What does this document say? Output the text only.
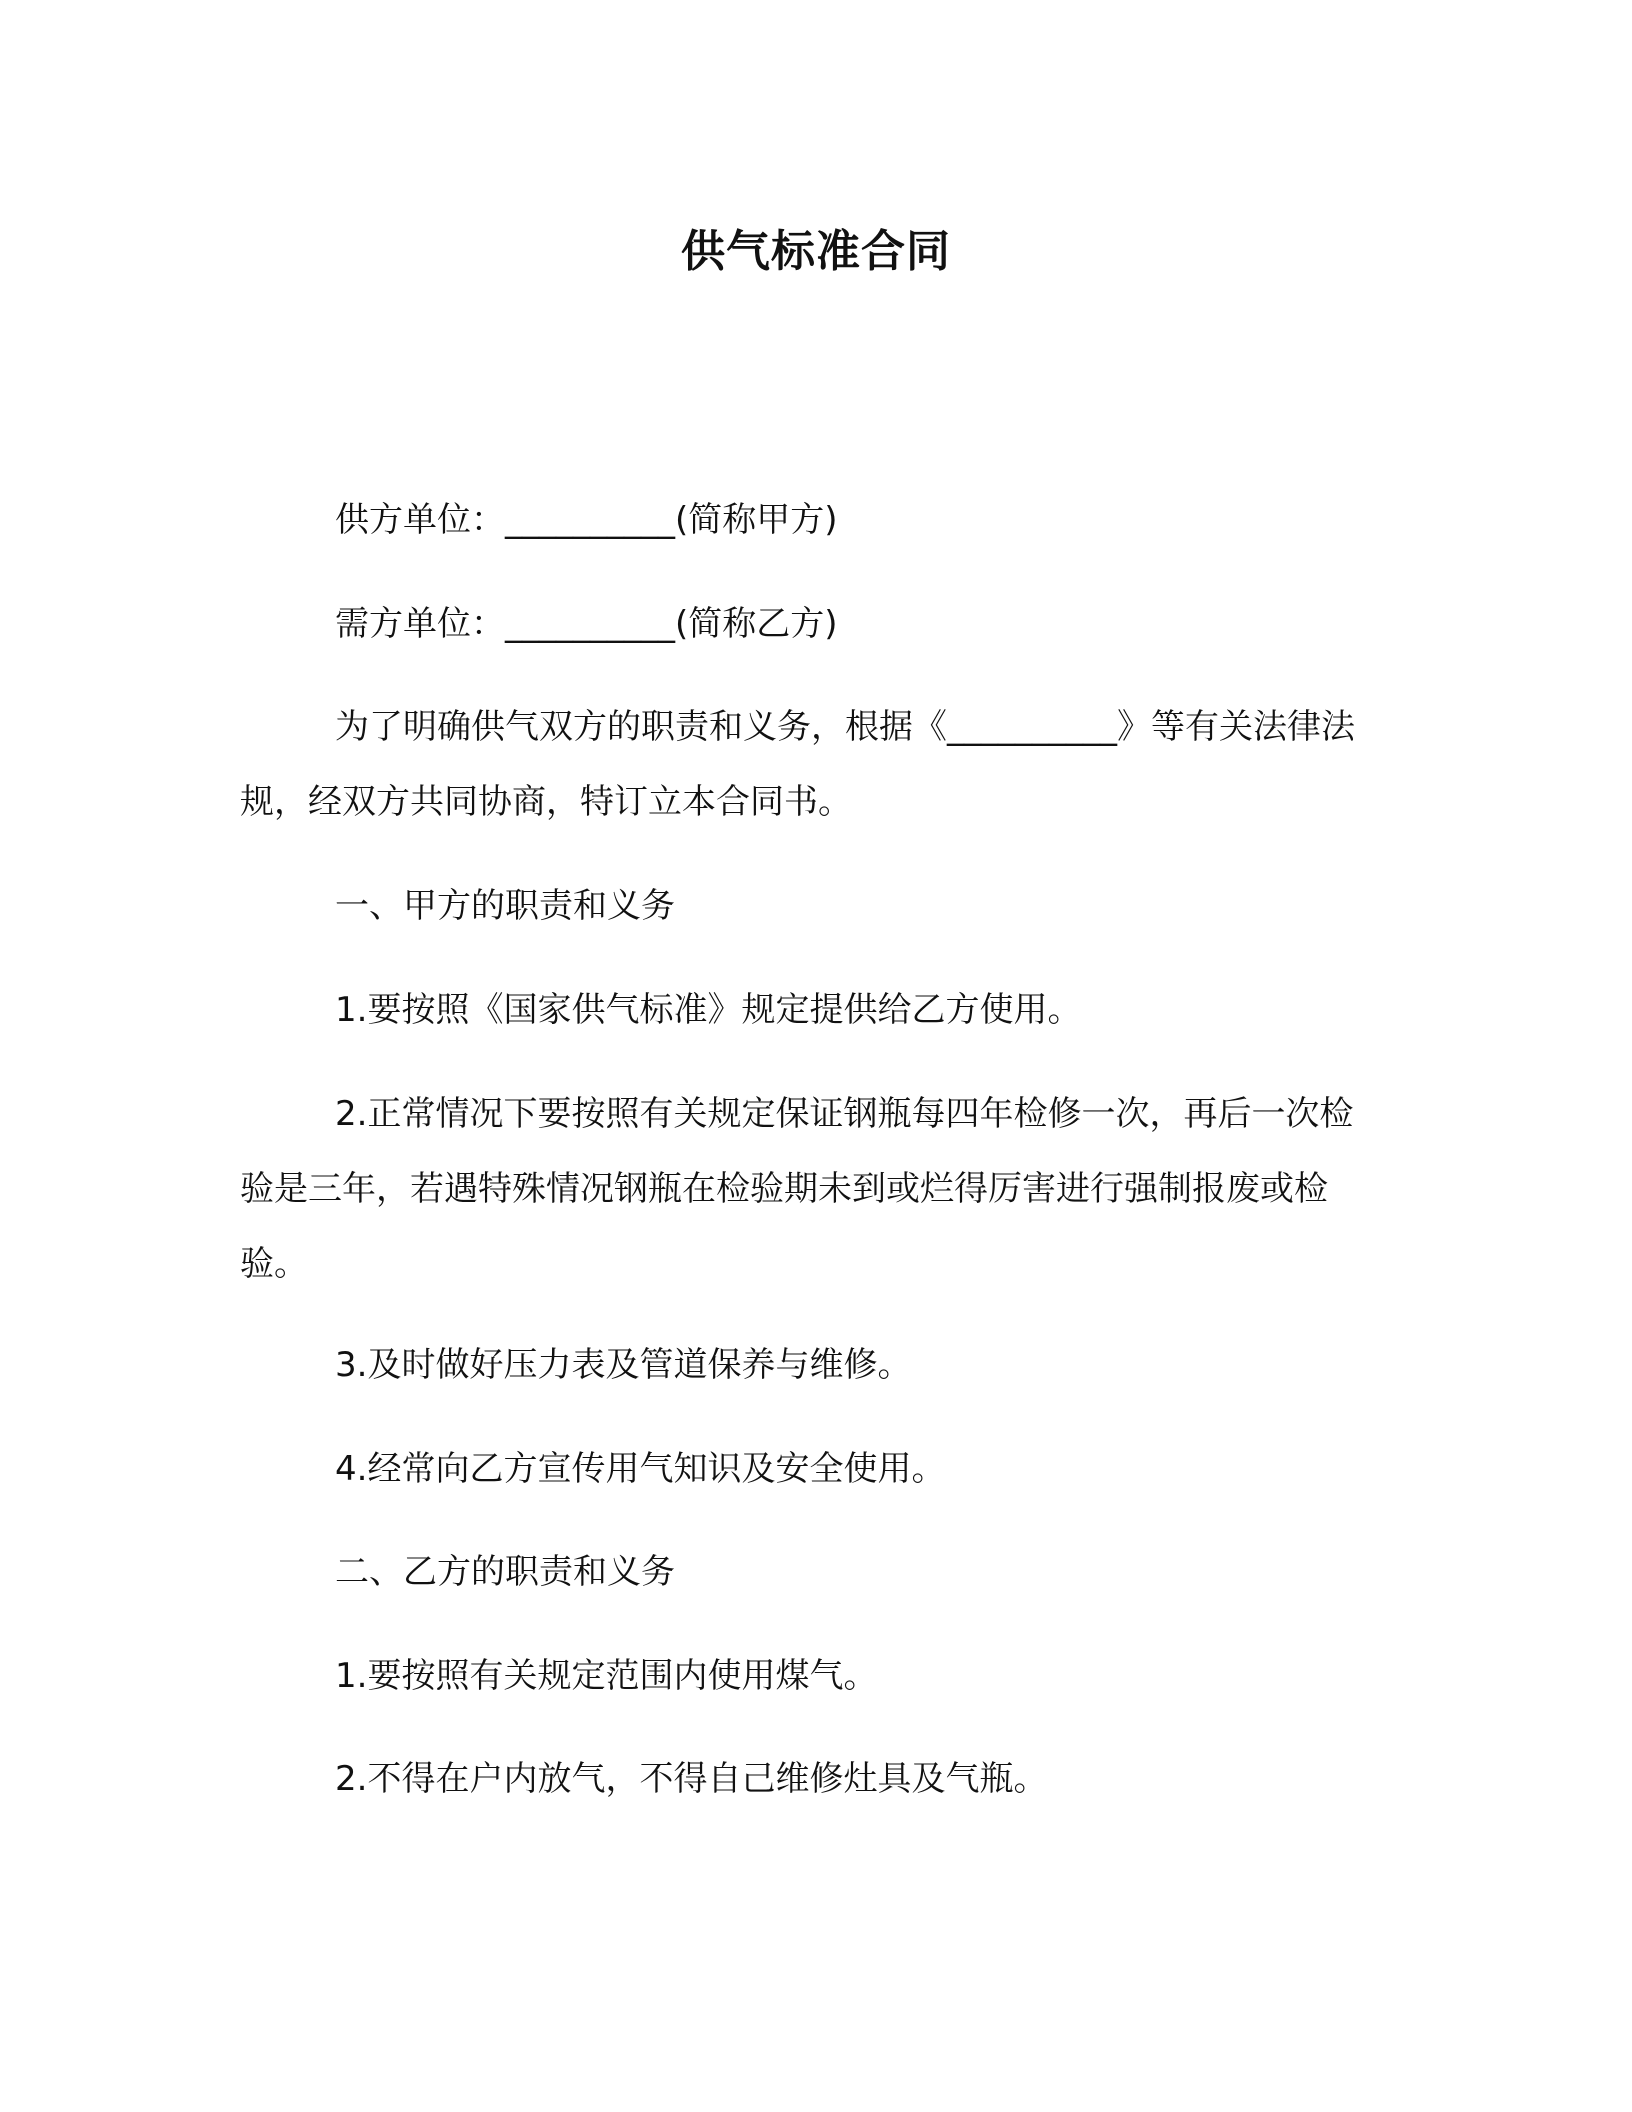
供气标准合同

供方单位：__________(简称甲方)

需方单位：__________(简称乙方)

为了明确供气双方的职责和义务，根据《__________》等有关法律法规，经双方共同协商，特订立本合同书。

一、甲方的职责和义务

1.要按照《国家供气标准》规定提供给乙方使用。

2.正常情况下要按照有关规定保证钢瓶每四年检修一次，再后一次检验是三年，若遇特殊情况钢瓶在检验期未到或烂得厉害进行强制报废或检验。

3.及时做好压力表及管道保养与维修。

4.经常向乙方宣传用气知识及安全使用。

二、乙方的职责和义务

1.要按照有关规定范围内使用煤气。

2.不得在户内放气，不得自己维修灶具及气瓶。
